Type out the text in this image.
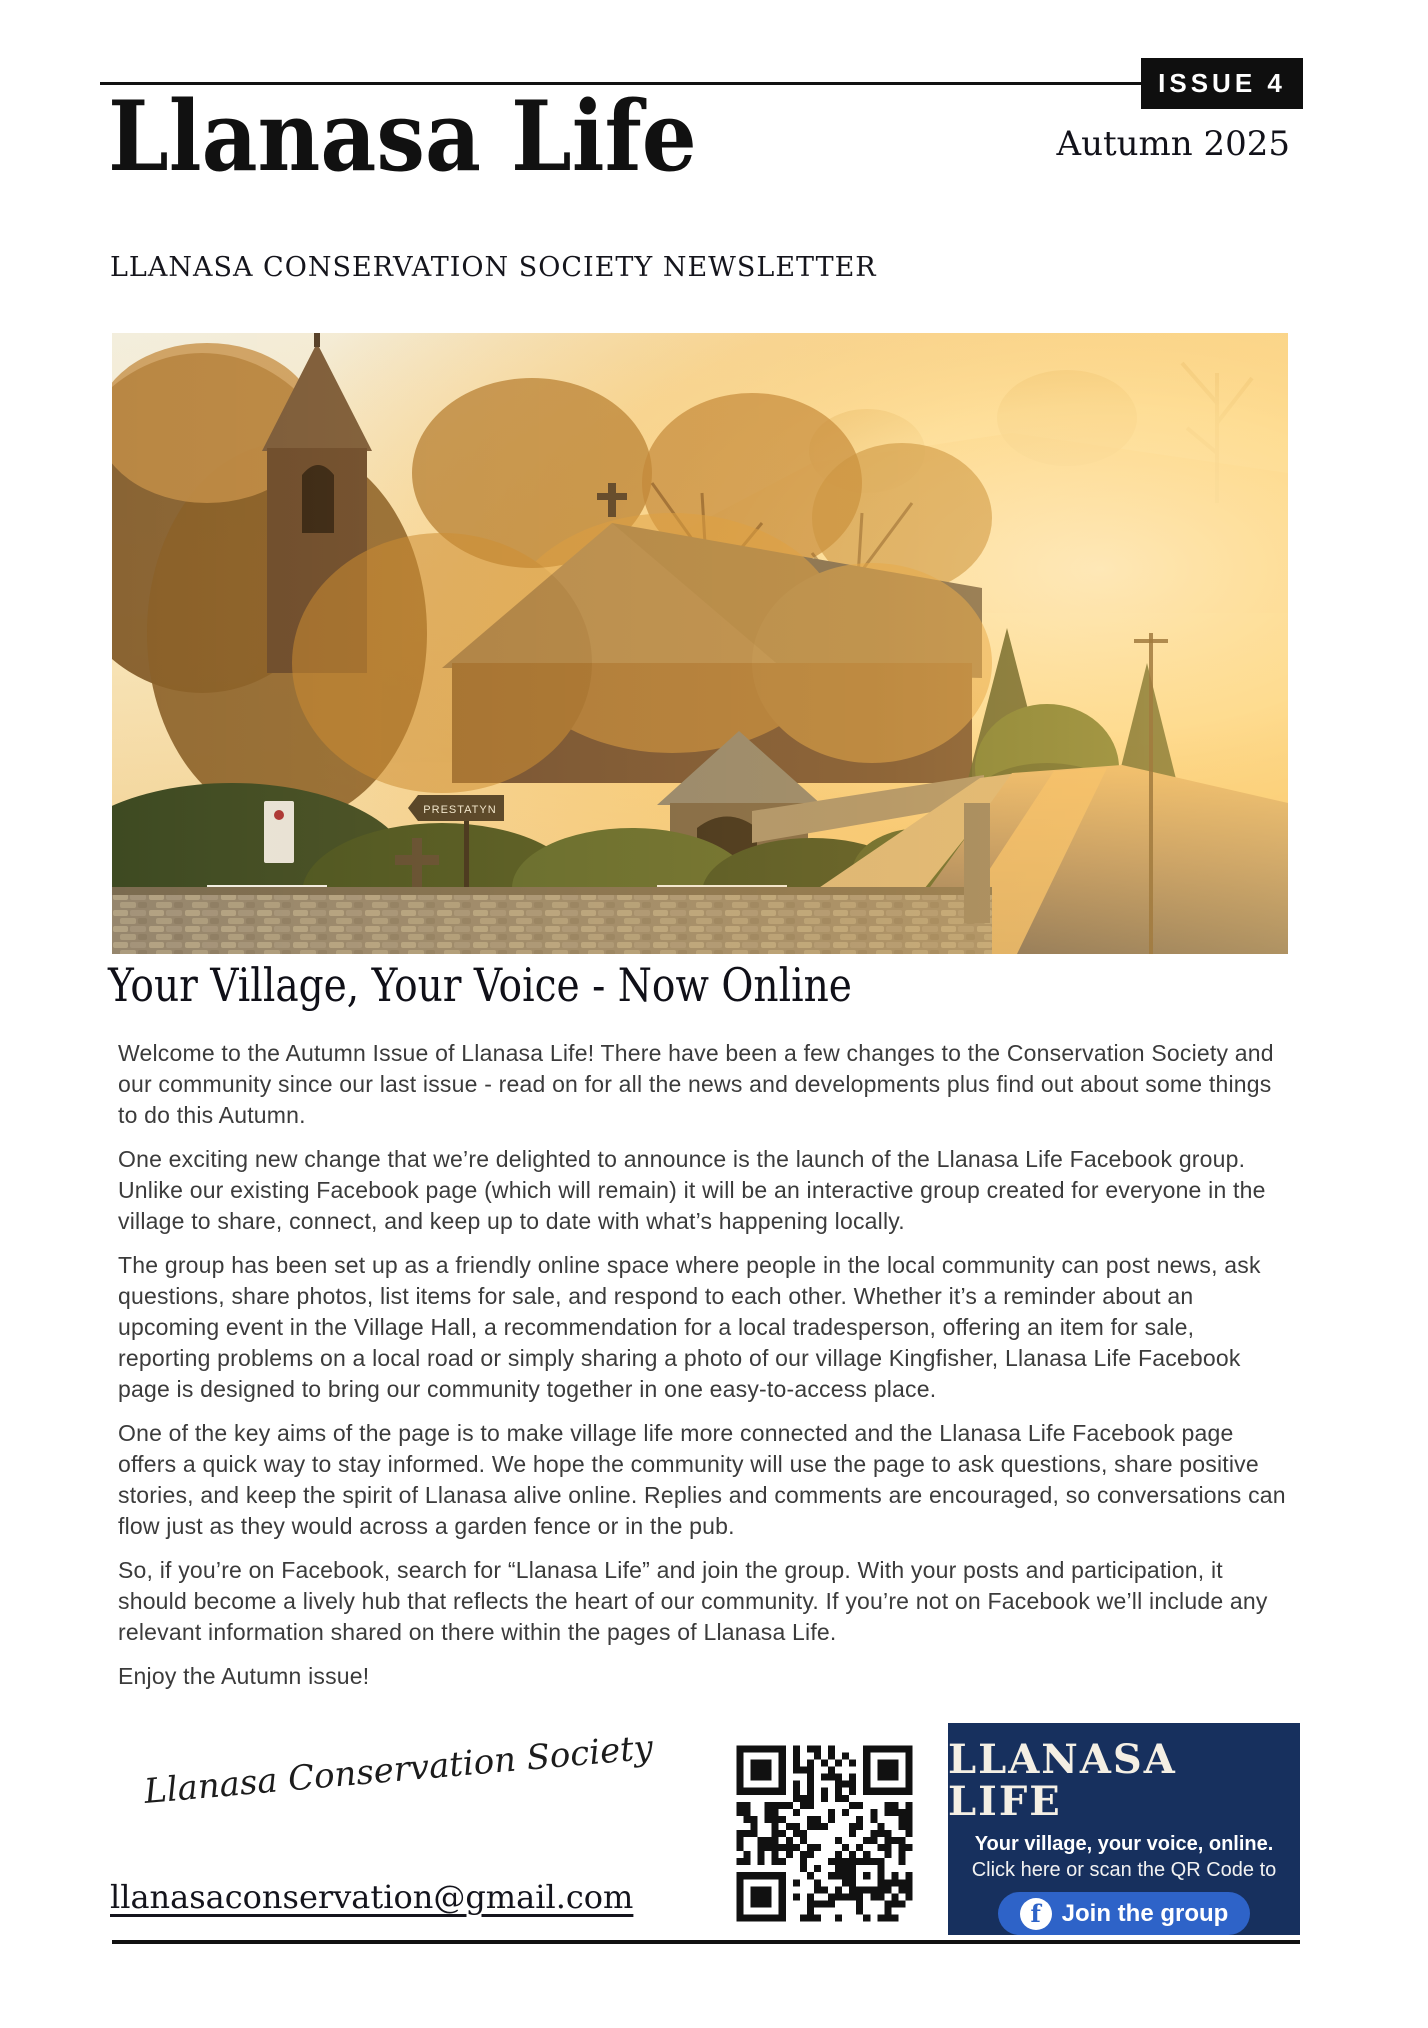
ISSUE 4
Llanasa Life	Autumn 2025
LLANASA CONSERVATION SOCIETY NEWSLETTER
Your Village, Your Voice - Now Online

Welcome to the Autumn Issue of Llanasa Life! There have been a few changes to the Conservation Society and our community since our last issue - read on for all the news and developments plus find out about some things to do this Autumn.

One exciting new change that we’re delighted to announce is the launch of the Llanasa Life Facebook group. Unlike our existing Facebook page (which will remain) it will be an interactive group created for everyone in the village to share, connect, and keep up to date with what’s happening locally.

The group has been set up as a friendly online space where people in the local community can post news, ask questions, share photos, list items for sale, and respond to each other. Whether it’s a reminder about an upcoming event in the Village Hall, a recommendation for a local tradesperson, offering an item for sale, reporting problems on a local road or simply sharing a photo of our village Kingfisher, Llanasa Life Facebook page is designed to bring our community together in one easy-to-access place.

One of the key aims of the page is to make village life more connected and the Llanasa Life Facebook page offers a quick way to stay informed. We hope the community will use the page to ask questions, share positive stories, and keep the spirit of Llanasa alive online. Replies and comments are encouraged, so conversations can flow just as they would across a garden fence or in the pub.

So, if you’re on Facebook, search for “Llanasa Life” and join the group. With your posts and participation, it should become a lively hub that reflects the heart of our community. If you’re not on Facebook we’ll include any relevant information shared on there within the pages of Llanasa Life.

Enjoy the Autumn issue!

Llanasa Conservation Society
llanasaconservation@gmail.com
LLANASA LIFE
Your village, your voice, online.
Click here or scan the QR Code to
f Join the group
